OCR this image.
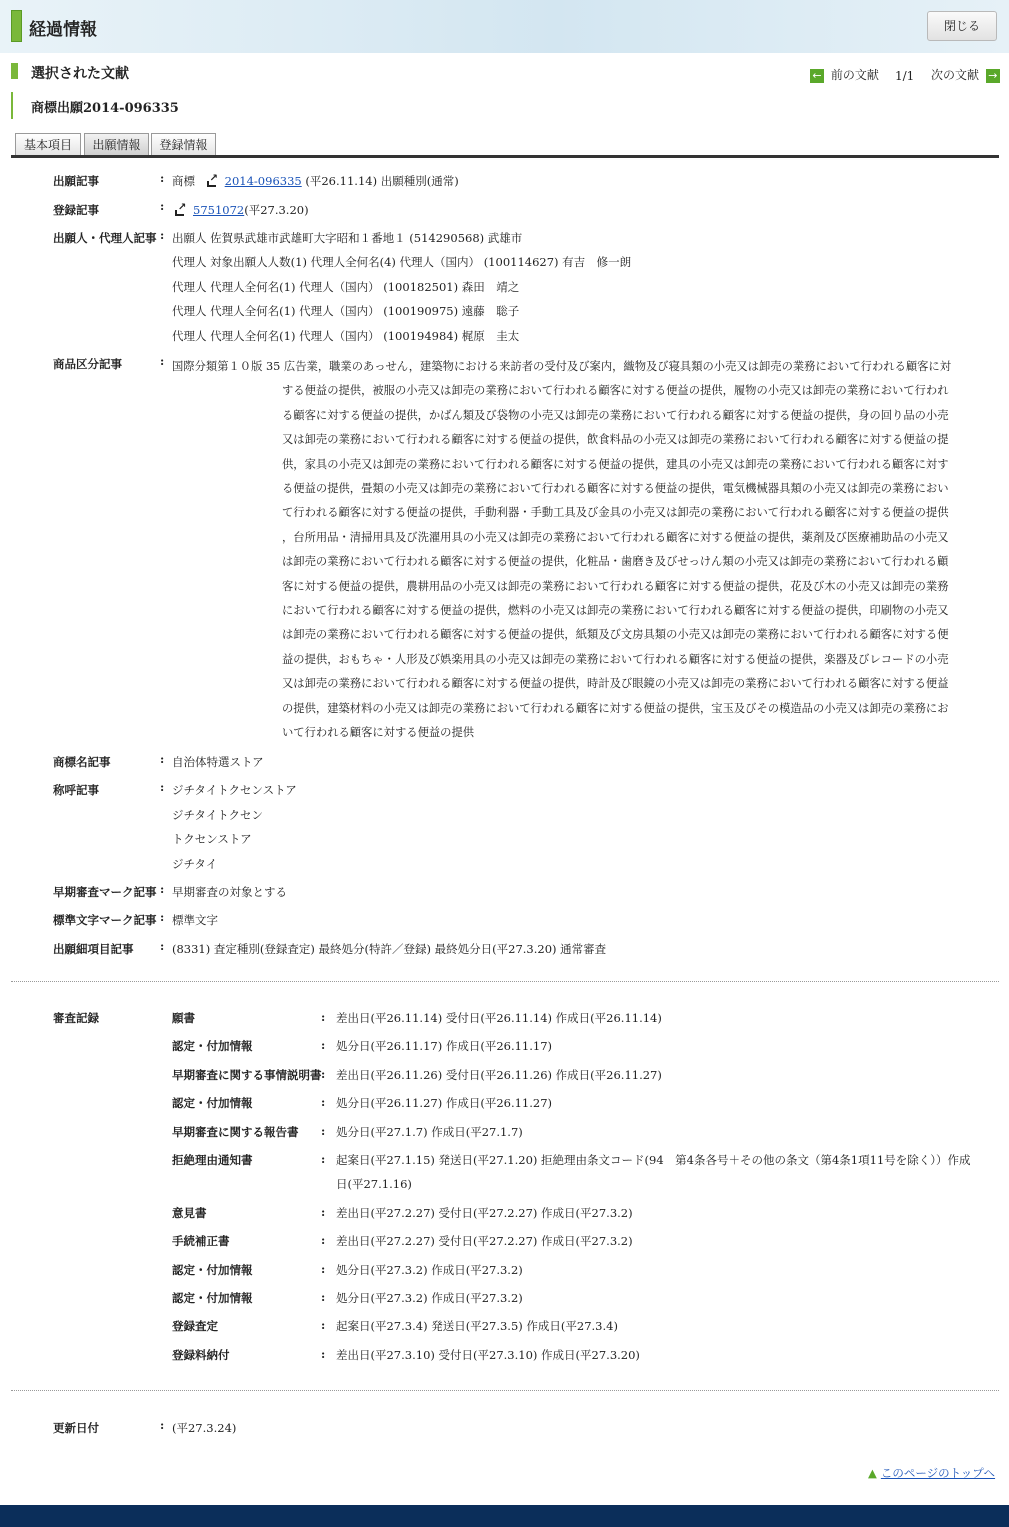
経過情報	閉じる
選択された文献
商標出願2014-096335
← 前の文献 1/1 次の文献 →
基本項目	出願情報	登録情報
出願記事	: 商標 ↗	2014-096335 (平26.11.14) 出願種別(通常)
登録記事	: ↗	5751072(平27.3.20)
出願人・代理人記事 : 出願人 佐賀県武雄市武雄町大字昭和１番地１ (514290568) 武雄市
代理人 対象出願人人数(1) 代理人全何名(4) 代理人（国内） (100114627) 有吉　修一朗
代理人 代理人全何名(1) 代理人（国内） (100182501) 森田　靖之
代理人 代理人全何名(1) 代理人（国内） (100190975) 遠藤　聡子
代理人 代理人全何名(1) 代理人（国内） (100194984) 梶原　圭太
商品区分記事	: 国際分類第１０版 35 広告業，職業のあっせん，建築物における来訪者の受付及び案内，織物及び寝具類の小売又は卸売の業務において行われる顧客に対
する便益の提供，被服の小売又は卸売の業務において行われる顧客に対する便益の提供，履物の小売又は卸売の業務において行われ
る顧客に対する便益の提供，かばん類及び袋物の小売又は卸売の業務において行われる顧客に対する便益の提供，身の回り品の小売
又は卸売の業務において行われる顧客に対する便益の提供，飲食料品の小売又は卸売の業務において行われる顧客に対する便益の提
供，家具の小売又は卸売の業務において行われる顧客に対する便益の提供，建具の小売又は卸売の業務において行われる顧客に対す
る便益の提供，畳類の小売又は卸売の業務において行われる顧客に対する便益の提供，電気機械器具類の小売又は卸売の業務におい
て行われる顧客に対する便益の提供，手動利器・手動工具及び金具の小売又は卸売の業務において行われる顧客に対する便益の提供
，台所用品・清掃用具及び洗濯用具の小売又は卸売の業務において行われる顧客に対する便益の提供，薬剤及び医療補助品の小売又
は卸売の業務において行われる顧客に対する便益の提供，化粧品・歯磨き及びせっけん類の小売又は卸売の業務において行われる顧
客に対する便益の提供，農耕用品の小売又は卸売の業務において行われる顧客に対する便益の提供，花及び木の小売又は卸売の業務
において行われる顧客に対する便益の提供，燃料の小売又は卸売の業務において行われる顧客に対する便益の提供，印刷物の小売又
は卸売の業務において行われる顧客に対する便益の提供，紙類及び文房具類の小売又は卸売の業務において行われる顧客に対する便
益の提供，おもちゃ・人形及び娯楽用具の小売又は卸売の業務において行われる顧客に対する便益の提供，楽器及びレコードの小売
又は卸売の業務において行われる顧客に対する便益の提供，時計及び眼鏡の小売又は卸売の業務において行われる顧客に対する便益
の提供，建築材料の小売又は卸売の業務において行われる顧客に対する便益の提供，宝玉及びその模造品の小売又は卸売の業務にお
いて行われる顧客に対する便益の提供
商標名記事	: 自治体特選ストア
称呼記事	: ジチタイトクセンストア
ジチタイトクセン
トクセンストア
ジチタイ
早期審査マーク記事 : 早期審査の対象とする
標準文字マーク記事 : 標準文字
出願細項目記事 : (8331) 査定種別(登録査定) 最終処分(特許／登録) 最終処分日(平27.3.20) 通常審査
審査記録	願書	: 差出日(平26.11.14) 受付日(平26.11.14) 作成日(平26.11.14)
認定・付加情報	: 処分日(平26.11.17) 作成日(平26.11.17)
早期審査に関する事情説明書 : 差出日(平26.11.26) 受付日(平26.11.26) 作成日(平26.11.27)
認定・付加情報	: 処分日(平26.11.27) 作成日(平26.11.27)
早期審査に関する報告書 : 処分日(平27.1.7) 作成日(平27.1.7)
拒絶理由通知書	: 起案日(平27.1.15) 発送日(平27.1.20) 拒絶理由条文コード(94　第4条各号＋その他の条文（第4条1項11号を除く））作成
日(平27.1.16)
意見書	: 差出日(平27.2.27) 受付日(平27.2.27) 作成日(平27.3.2)
手続補正書	: 差出日(平27.2.27) 受付日(平27.2.27) 作成日(平27.3.2)
認定・付加情報	: 処分日(平27.3.2) 作成日(平27.3.2)
認定・付加情報	: 処分日(平27.3.2) 作成日(平27.3.2)
登録査定	: 起案日(平27.3.4) 発送日(平27.3.5) 作成日(平27.3.4)
登録料納付	: 差出日(平27.3.10) 受付日(平27.3.10) 作成日(平27.3.20)
更新日付	: (平27.3.24)
▲ このページのトップへ
